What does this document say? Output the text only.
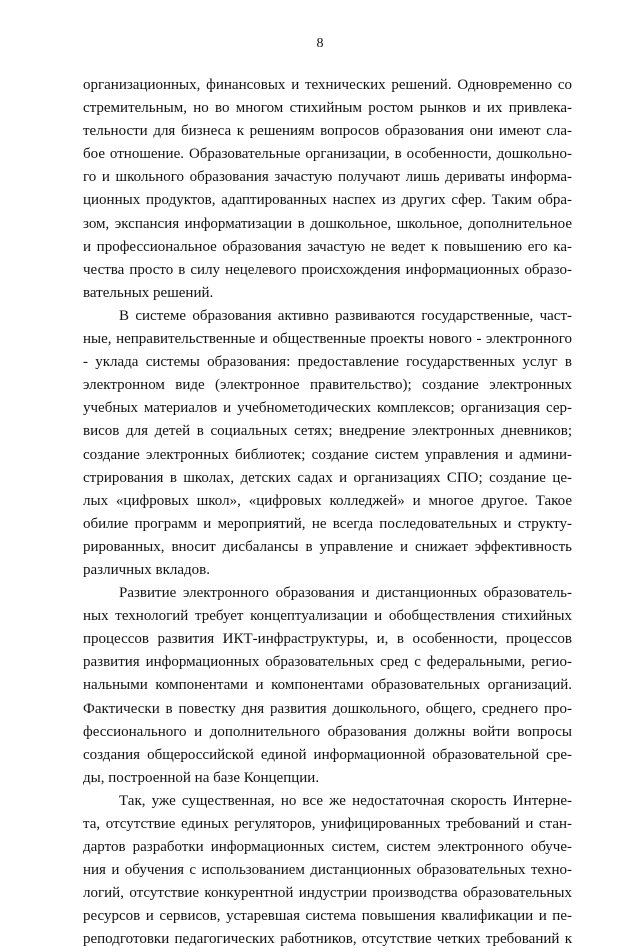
8
организационных, финансовых и технических решений. Одновременно со
стремительным, но во многом стихийным ростом рынков и их привлека-
тельности для бизнеса к решениям вопросов образования они имеют сла-
бое отношение. Образовательные организации, в особенности, дошкольно-
го и школьного образования зачастую получают лишь дериваты информа-
ционных продуктов, адаптированных наспех из других сфер. Таким обра-
зом, экспансия информатизации в дошкольное, школьное, дополнительное
и профессиональное образования зачастую не ведет к повышению его ка-
чества просто в силу нецелевого происхождения информационных образо-
вательных решений.
В системе образования активно развиваются государственные, част-
ные, неправительственные и общественные проекты нового - электронного
- уклада системы образования: предоставление государственных услуг в
электронном виде (электронное правительство); создание электронных
учебных материалов и учебнометодических комплексов; организация сер-
висов для детей в социальных сетях; внедрение электронных дневников;
создание электронных библиотек; создание систем управления и админи-
стрирования в школах, детских садах и организациях СПО; создание це-
лых «цифровых школ», «цифровых колледжей» и многое другое. Такое
обилие программ и мероприятий, не всегда последовательных и структу-
рированных, вносит дисбалансы в управление и снижает эффективность
различных вкладов.
Развитие электронного образования и дистанционных образователь-
ных технологий требует концептуализации и обобществления стихийных
процессов развития ИКТ-инфраструктуры, и, в особенности, процессов
развития информационных образовательных сред с федеральными, регио-
нальными компонентами и компонентами образовательных организаций.
Фактически в повестку дня развития дошкольного, общего, среднего про-
фессионального и дополнительного образования должны войти вопросы
создания общероссийской единой информационной образовательной сре-
ды, построенной на базе Концепции.
Так, уже существенная, но все же недостаточная скорость Интерне-
та, отсутствие единых регуляторов, унифицированных требований и стан-
дартов разработки информационных систем, систем электронного обуче-
ния и обучения с использованием дистанционных образовательных техно-
логий, отсутствие конкурентной индустрии производства образовательных
ресурсов и сервисов, устаревшая система повышения квалификации и пе-
реподготовки педагогических работников, отсутствие четких требований к
